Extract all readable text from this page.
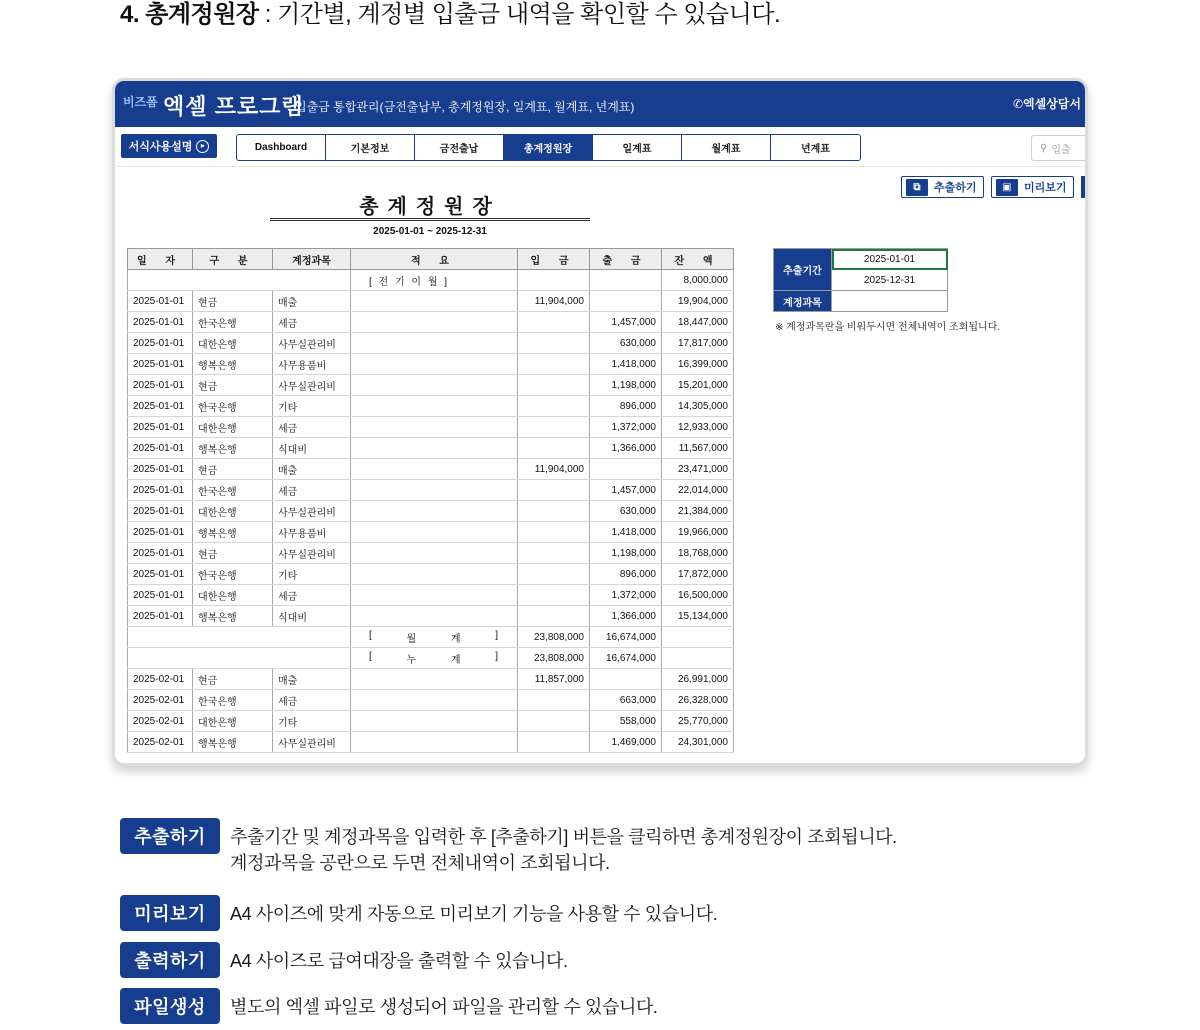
4. 총계정원장 : 기간별, 계정별 입출금 내역을 확인할 수 있습니다.
비즈폼 엑셀 프로그램
입출금 통합관리(금전출납부, 총계정원장, 일계표, 월계표, 년계표)	✆엑셀상담서
서식사용설명	▸	Dashboard	기본정보	금전출납	총계정원장	일계표	월계표	년계표	⚲ 입출
⧉	추출하기	▣	미리보기
총계정원장
2025-01-01 ~ 2025-12-31
일 자	구 분	계정과목	적 요	입 금	출 금	잔 액
			[ 전 기 이 월 ]			8,000,000
2025-01-01	현금	매출		11,904,000		19,904,000
2025-01-01	한국은행	세금			1,457,000	18,447,000
2025-01-01	대한은행	사무실관리비			630,000	17,817,000
2025-01-01	행복은행	사무용품비			1,418,000	16,399,000
2025-01-01	현금	사무실관리비			1,198,000	15,201,000
2025-01-01	한국은행	기타			896,000	14,305,000
2025-01-01	대한은행	세금			1,372,000	12,933,000
2025-01-01	행복은행	식대비			1,366,000	11,567,000
2025-01-01	현금	매출		11,904,000		23,471,000
2025-01-01	한국은행	세금			1,457,000	22,014,000
2025-01-01	대한은행	사무실관리비			630,000	21,384,000
2025-01-01	행복은행	사무용품비			1,418,000	19,966,000
2025-01-01	현금	사무실관리비			1,198,000	18,768,000
2025-01-01	한국은행	기타			896,000	17,872,000
2025-01-01	대한은행	세금			1,372,000	16,500,000
2025-01-01	행복은행	식대비			1,366,000	15,134,000

			[ 월 계 ]	23,808,000	16,674,000	

			[ 누 계 ]	23,808,000	16,674,000	
2025-02-01	현금	매출		11,857,000		26,991,000
2025-02-01	한국은행	세금			663,000	26,328,000
2025-02-01	대한은행	기타			558,000	25,770,000
2025-02-01	행복은행	사무실관리비			1,469,000	24,301,000
추출기간	2025-01-01
	2025-12-31
계정과목	
※ 계정과목란을 비워두시면 전체내역이 조회됩니다.
추출하기	추출기간 및 계정과목을 입력한 후 [추출하기] 버튼을 클릭하면 총계정원장이 조회됩니다.
계정과목을 공란으로 두면 전체내역이 조회됩니다.
미리보기	A4 사이즈에 맞게 자동으로 미리보기 기능을 사용할 수 있습니다.
출력하기	A4 사이즈로 급여대장을 출력할 수 있습니다.
파일생성	별도의 엑셀 파일로 생성되어 파일을 관리할 수 있습니다.
